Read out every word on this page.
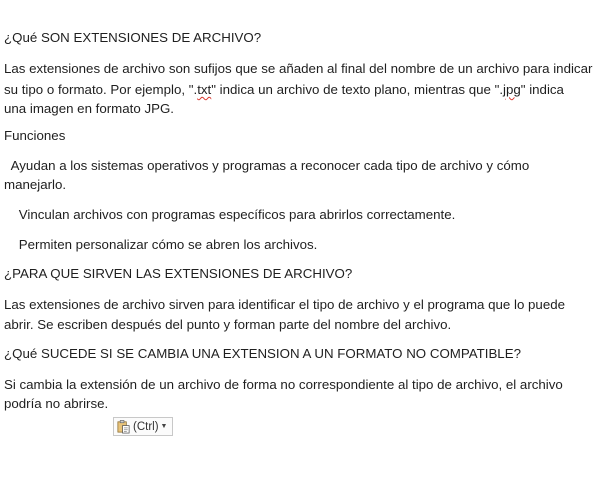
¿Qué SON EXTENSIONES DE ARCHIVO?
Las extensiones de archivo son sufijos que se añaden al final del nombre de un archivo para indicar
su tipo o formato. Por ejemplo, ".txt" indica un archivo de texto plano, mientras que ".jpg" indica
una imagen en formato JPG.
Funciones
Ayudan a los sistemas operativos y programas a reconocer cada tipo de archivo y cómo
manejarlo.
Vinculan archivos con programas específicos para abrirlos correctamente.
Permiten personalizar cómo se abren los archivos.
¿PARA QUE SIRVEN LAS EXTENSIONES DE ARCHIVO?
Las extensiones de archivo sirven para identificar el tipo de archivo y el programa que lo puede
abrir. Se escriben después del punto y forman parte del nombre del archivo.
¿Qué SUCEDE SI SE CAMBIA UNA EXTENSION A UN FORMATO NO COMPATIBLE?
Si cambia la extensión de un archivo de forma no correspondiente al tipo de archivo, el archivo
podría no abrirse.
(Ctrl) ▼
